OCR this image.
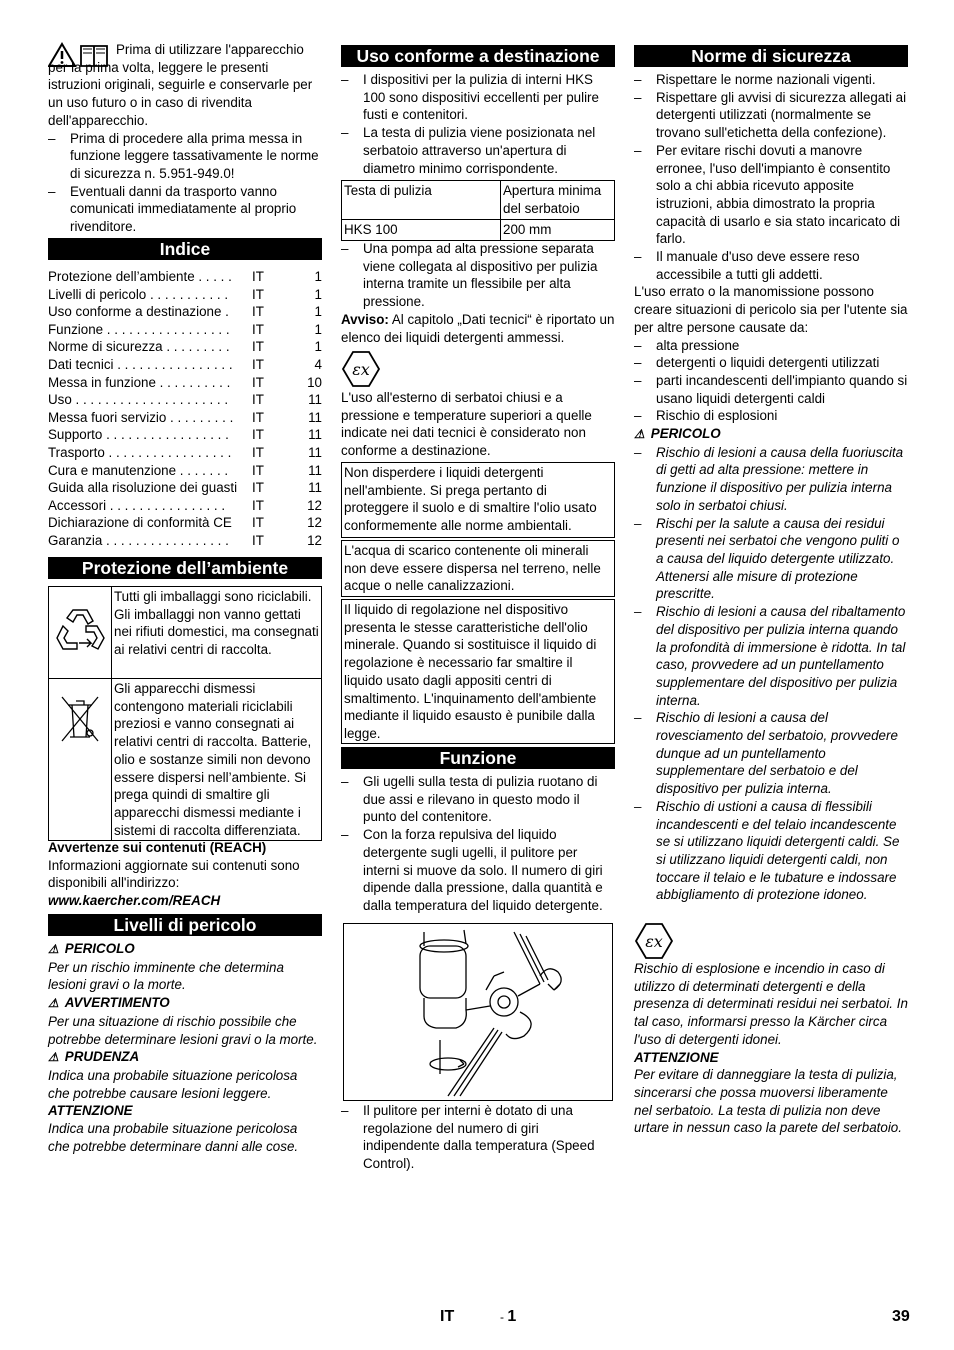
Prima di utilizzare l'apparecchio per la prima volta, leggere le presenti istruzioni originali, seguirle e conservarle per un uso futuro o in caso di rivendita dell'apparecchio.

– Prima di procedere alla prima messa in funzione leggere tassativamente le norme di sicurezza n. 5.951-949.0!
– Eventuali danni da trasporto vanno comunicati immediatamente al proprio rivenditore.
Indice
Protezione dell’ambiente . . . . .	IT	1
Livelli di pericolo . . . . . . . . . . .	IT	1
Uso conforme a destinazione .	IT	1
Funzione . . . . . . . . . . . . . . . . .	IT	1
Norme di sicurezza . . . . . . . . .	IT	1
Dati tecnici . . . . . . . . . . . . . . . .	IT	4
Messa in funzione . . . . . . . . . .	IT	10
Uso . . . . . . . . . . . . . . . . . . . . .	IT	11
Messa fuori servizio . . . . . . . . .	IT	11
Supporto . . . . . . . . . . . . . . . . .	IT	11
Trasporto . . . . . . . . . . . . . . . . .	IT	11
Cura e manutenzione . . . . . . .	IT	11
Guida alla risoluzione dei guasti	IT	11
Accessori . . . . . . . . . . . . . . . .	IT	12
Dichiarazione di conformità CE	IT	12
Garanzia . . . . . . . . . . . . . . . . .	IT	12
Protezione dell’ambiente
	Tutti gli imballaggi sono riciclabili. Gli imballaggi non vanno gettati nei rifiuti domestici, ma consegnati ai relativi centri di raccolta.
	Gli apparecchi dismessi contengono materiali riciclabili preziosi e vanno consegnati ai relativi centri di raccolta. Batterie, olio e sostanze simili non devono essere dispersi nell’ambiente. Si prega quindi di smaltire gli apparecchi dismessi mediante i sistemi di raccolta differenziata.

Avvertenze sui contenuti (REACH)

Informazioni aggiornate sui contenuti sono disponibili all'indirizzo:

www.kaercher.com/REACH

Livelli di pericolo

⚠ PERICOLO

Per un rischio imminente che determina lesioni gravi o la morte.

⚠ AVVERTIMENTO

Per una situazione di rischio possibile che potrebbe determinare lesioni gravi o la morte.

⚠ PRUDENZA

Indica una probabile situazione pericolosa che potrebbe causare lesioni leggere.

ATTENZIONE

Indica una probabile situazione pericolosa che potrebbe determinare danni alle cose.

Uso conforme a destinazione
– I dispositivi per la pulizia di interni HKS 100 sono dispositivi eccellenti per pulire fusti e contenitori.
– La testa di pulizia viene posizionata nel serbatoio attraverso un'apertura di diametro minimo corrispondente.
Testa di pulizia	Apertura minima del serbatoio
HKS 100	200 mm
– Una pompa ad alta pressione separata viene collegata al dispositivo per pulizia interna tramite un flessibile per alta pressione.

Avviso: Al capitolo „Dati tecnici“ è riportato un elenco dei liquidi detergenti ammessi.

εx

L'uso all'esterno di serbatoi chiusi e a pressione e temperature superiori a quelle indicate nei dati tecnici è considerato non conforme a destinazione.

Non disperdere i liquidi detergenti nell'ambiente. Si prega pertanto di proteggere il suolo e di smaltire l'olio usato conformemente alle norme ambientali.
L'acqua di scarico contenente oli minerali non deve essere dispersa nel terreno, nelle acque o nelle canalizzazioni.
Il liquido di regolazione nel dispositivo presenta le stesse caratteristiche dell'olio minerale. Quando si sostituisce il liquido di regolazione è necessario far smaltire il liquido usato dagli appositi centri di smaltimento. L'inquinamento dell'ambiente mediante il liquido esausto è punibile dalla legge.
Funzione
– Gli ugelli sulla testa di pulizia ruotano di due assi e rilevano in questo modo il punto del contenitore.
– Con la forza repulsiva del liquido detergente sugli ugelli, il pulitore per interni si muove da solo. Il numero di giri dipende dalla pressione, dalla quantità e dalla temperatura del liquido detergente.
– Il pulitore per interni è dotato di una regolazione del numero di giri indipendente dalla temperatura (Speed Control).
Norme di sicurezza
– Rispettare le norme nazionali vigenti.
– Rispettare gli avvisi di sicurezza allegati ai detergenti utilizzati (normalmente se trovano sull'etichetta della confezione).
– Per evitare rischi dovuti a manovre erronee, l'uso dell'impianto è consentito solo a chi abbia ricevuto apposite istruzioni, abbia dimostrato la propria capacità di usarlo e sia stato incaricato di farlo.
– Il manuale d'uso deve essere reso accessibile a tutti gli addetti.

L'uso errato o la manomissione possono creare situazioni di pericolo sia per l'utente sia per altre persone causate da:

– alta pressione
– detergenti o liquidi detergenti utilizzati
– parti incandescenti dell'impianto quando si usano liquidi detergenti caldi
– Rischio di esplosioni

⚠ PERICOLO

– Rischio di lesioni a causa della fuoriuscita di getti ad alta pressione: mettere in funzione il dispositivo per pulizia interna solo in serbatoi chiusi.
– Rischi per la salute a causa dei residui presenti nei serbatoi che vengono puliti o a causa del liquido detergente utilizzato. Attenersi alle misure di protezione prescritte.
– Rischio di lesioni a causa del ribaltamento del dispositivo per pulizia interna quando la profondità di immersione è ridotta. In tal caso, provvedere ad un puntellamento supplementare del dispositivo per pulizia interna.
– Rischio di lesioni a causa del rovesciamento del serbatoio, provvedere dunque ad un puntellamento supplementare del serbatoio e del dispositivo per pulizia interna.
– Rischio di ustioni a causa di flessibili incandescenti e del telaio incandescente se si utilizzano liquidi detergenti caldi. Se si utilizzano liquidi detergenti caldi, non toccare il telaio e le tubature e indossare abbigliamento di protezione idoneo.
εx

Rischio di esplosione e incendio in caso di utilizzo di determinati detergenti e della presenza di determinati residui nei serbatoi. In tal caso, informarsi presso la Kärcher circa l'uso di detergenti idonei.

ATTENZIONE

Per evitare di danneggiare la testa di pulizia, sincerarsi che possa muoversi liberamente nel serbatoio. La testa di pulizia non deve urtare in nessun caso la parete del serbatoio.

IT	- 1	39
